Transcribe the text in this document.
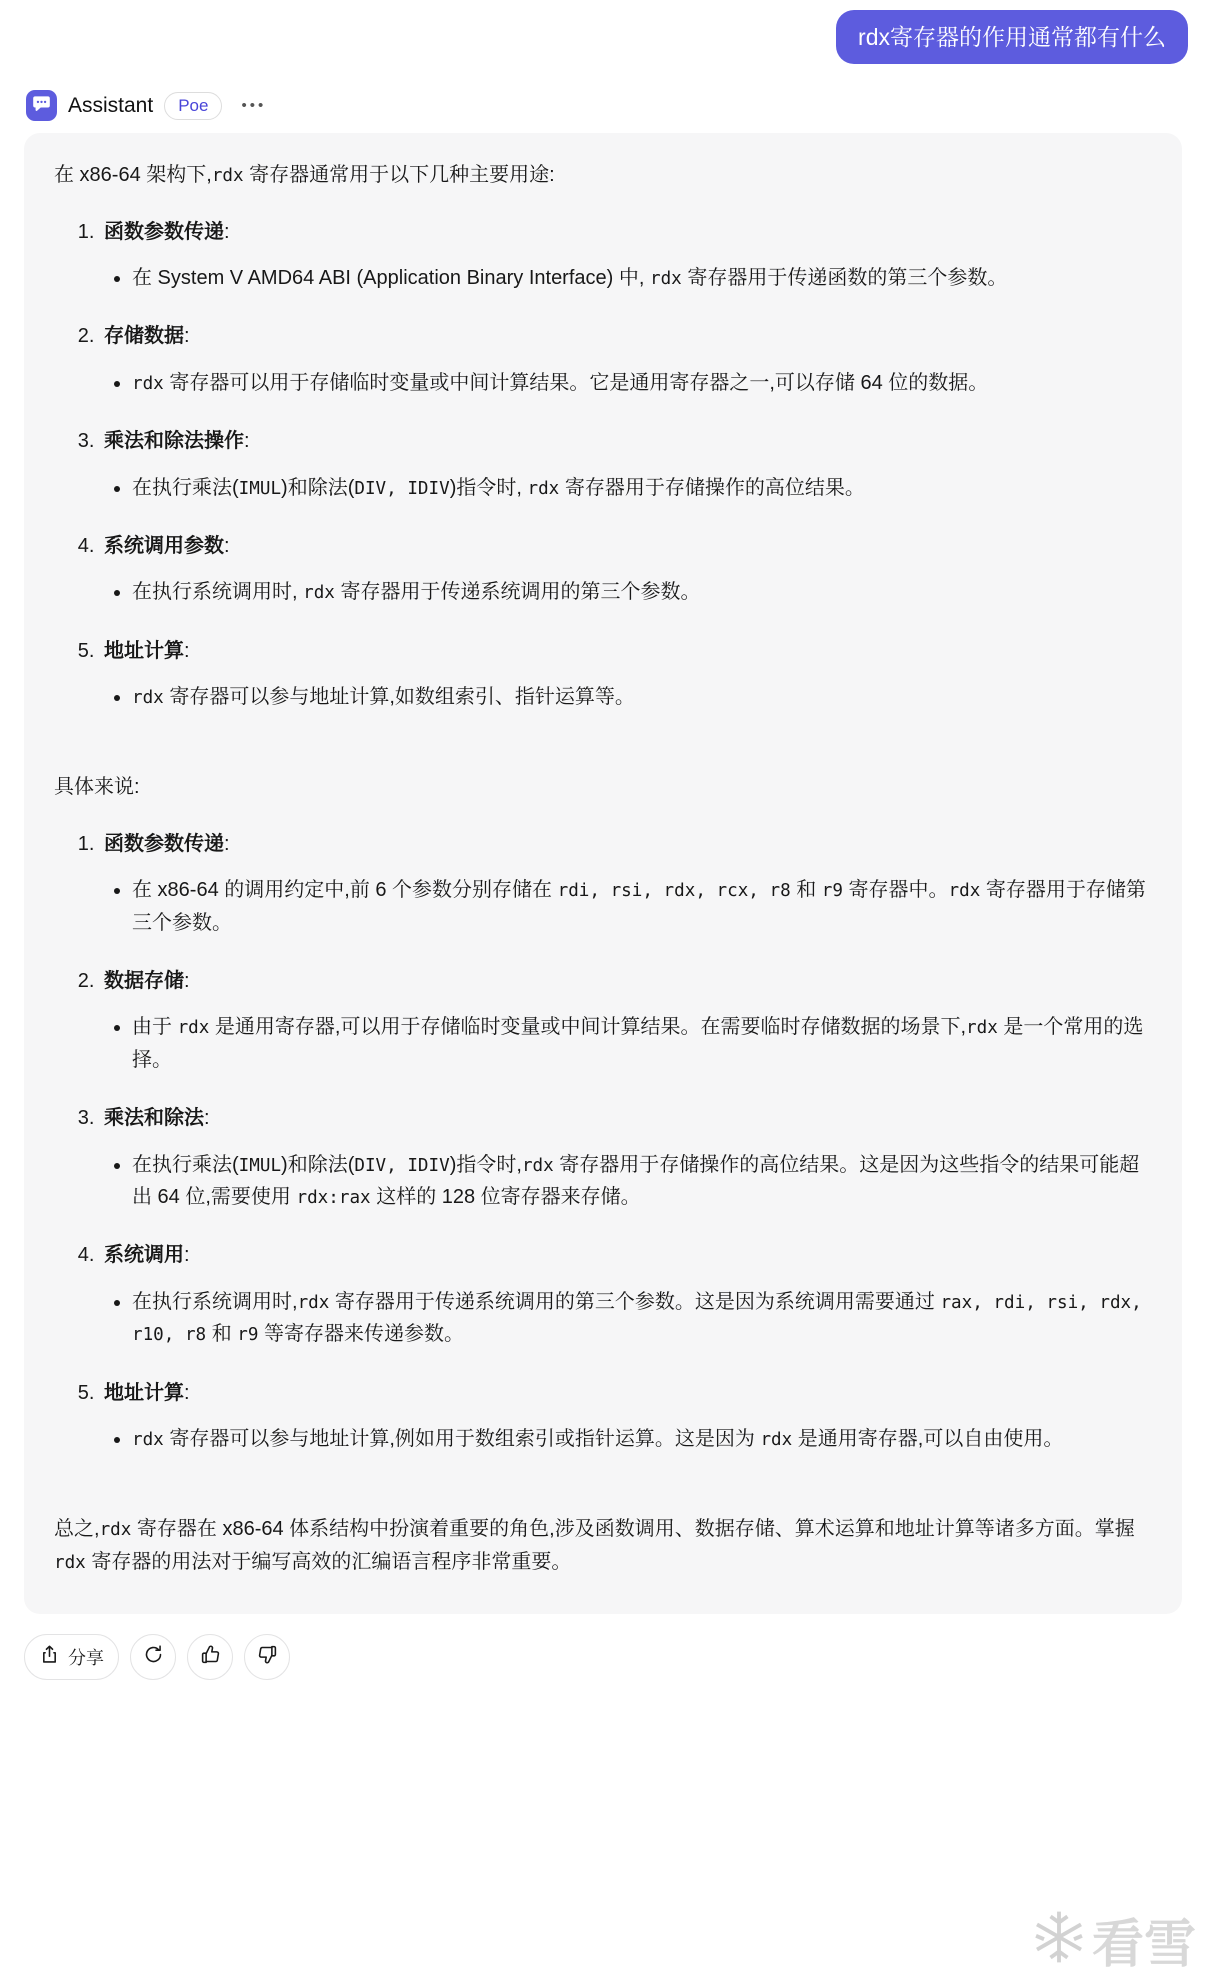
rdx寄存器的作用通常都有什么
Assistant	Poe	•••

在 x86-64 架构下,rdx 寄存器通常用于以下几种主要用途:

1. 函数参数传递:
• 在 System V AMD64 ABI (Application Binary Interface) 中, rdx 寄存器用于传递函数的第三个参数。
2. 存储数据:
• rdx 寄存器可以用于存储临时变量或中间计算结果。它是通用寄存器之一,可以存储 64 位的数据。
3. 乘法和除法操作:
• 在执行乘法(IMUL)和除法(DIV, IDIV)指令时, rdx 寄存器用于存储操作的高位结果。
4. 系统调用参数:
• 在执行系统调用时, rdx 寄存器用于传递系统调用的第三个参数。
5. 地址计算:
• rdx 寄存器可以参与地址计算,如数组索引、指针运算等。

具体来说:

1. 函数参数传递:
• 在 x86-64 的调用约定中,前 6 个参数分别存储在 rdi, rsi, rdx, rcx, r8 和 r9 寄存器中。rdx 寄存器用于存储第三个参数。
2. 数据存储:
• 由于 rdx 是通用寄存器,可以用于存储临时变量或中间计算结果。在需要临时存储数据的场景下,rdx 是一个常用的选择。
3. 乘法和除法:
• 在执行乘法(IMUL)和除法(DIV, IDIV)指令时,rdx 寄存器用于存储操作的高位结果。这是因为这些指令的结果可能超出 64 位,需要使用 rdx:rax 这样的 128 位寄存器来存储。
4. 系统调用:
• 在执行系统调用时,rdx 寄存器用于传递系统调用的第三个参数。这是因为系统调用需要通过 rax, rdi, rsi, rdx, r10, r8 和 r9 等寄存器来传递参数。
5. 地址计算:
• rdx 寄存器可以参与地址计算,例如用于数组索引或指针运算。这是因为 rdx 是通用寄存器,可以自由使用。

总之,rdx 寄存器在 x86-64 体系结构中扮演着重要的角色,涉及函数调用、数据存储、算术运算和地址计算等诸多方面。掌握 rdx 寄存器的用法对于编写高效的汇编语言程序非常重要。

分享
看雪
